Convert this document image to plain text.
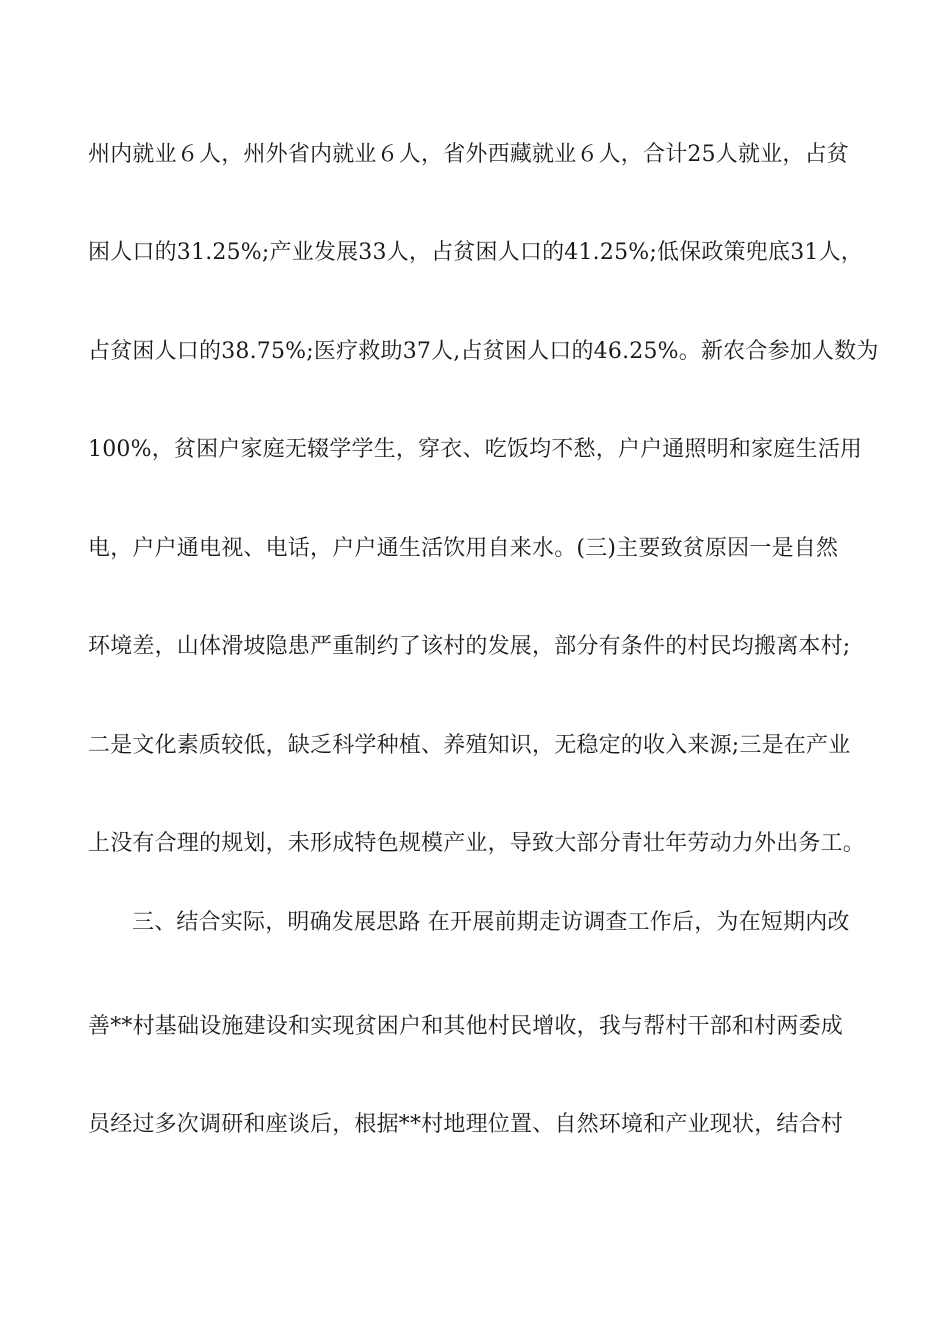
州内就业６人，州外省内就业６人，省外西藏就业６人，合计25人就业，占贫
困人口的31.25%;产业发展33人，占贫困人口的41.25%;低保政策兜底31人，
占贫困人口的38.75%;医疗救助37人,占贫困人口的46.25%。新农合参加人数为
100%，贫困户家庭无辍学学生，穿衣、吃饭均不愁，户户通照明和家庭生活用
电，户户通电视、电话，户户通生活饮用自来水。(三)主要致贫原因一是自然
环境差，山体滑坡隐患严重制约了该村的发展，部分有条件的村民均搬离本村;
二是文化素质较低，缺乏科学种植、养殖知识，无稳定的收入来源;三是在产业
上没有合理的规划，未形成特色规模产业，导致大部分青壮年劳动力外出务工。
三、结合实际，明确发展思路 在开展前期走访调查工作后，为在短期内改
善**村基础设施建设和实现贫困户和其他村民增收，我与帮村干部和村两委成
员经过多次调研和座谈后，根据**村地理位置、自然环境和产业现状，结合村
